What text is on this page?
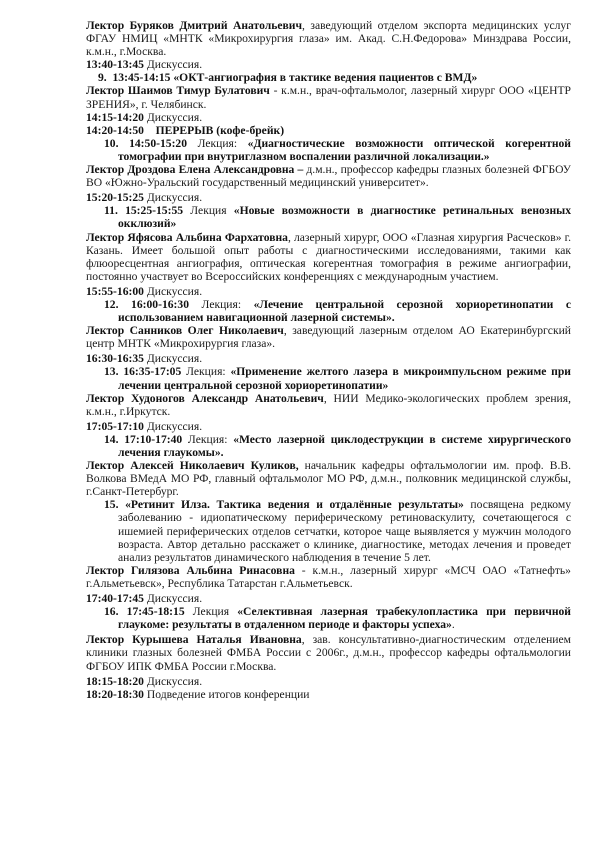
Лектор Буряков Дмитрий Анатольевич, заведующий отделом экспорта медицинских услуг ФГАУ НМИЦ «МНТК «Микрохирургия глаза» им. Акад. С.Н.Федорова» Минздрава России, к.м.н., г.Москва.

13:40-13:45 Дискуссия.

9. 13:45-14:15 «ОКТ-ангиография в тактике ведения пациентов с ВМД»

Лектор Шаимов Тимур Булатович - к.м.н., врач-офтальмолог, лазерный хирург ООО «ЦЕНТР ЗРЕНИЯ», г. Челябинск.

14:15-14:20 Дискуссия.

14:20-14:50 ПЕРЕРЫВ (кофе-брейк)

10. 14:50-15:20 Лекция: «Диагностические возможности оптической когерентной томографии при внутриглазном воспалении различной локализации.»

Лектор Дроздова Елена Александровна – д.м.н., профессор кафедры глазных болезней ФГБОУ ВО «Южно-Уральский государственный медицинский университет».

15:20-15:25 Дискуссия.

11. 15:25-15:55 Лекция «Новые возможности в диагностике ретинальных венозных окклюзий»

Лектор Яфясова Альбина Фархатовна, лазерный хирург, ООО «Глазная хирургия Расческов» г. Казань. Имеет большой опыт работы с диагностическими исследованиями, такими как флюоресцентная ангиография, оптическая когерентная томография в режиме ангиографии, постоянно участвует во Всероссийских конференциях с международным участием.

15:55-16:00 Дискуссия.

12. 16:00-16:30 Лекция: «Лечение центральной серозной хориоретинопатии с использованием навигационной лазерной системы».

Лектор Санников Олег Николаевич, заведующий лазерным отделом АО Екатеринбургский центр МНТК «Микрохирургия глаза».

16:30-16:35 Дискуссия.

13. 16:35-17:05 Лекция: «Применение желтого лазера в микроимпульсном режиме при лечении центральной серозной хориоретинопатии»

Лектор Худоногов Александр Анатольевич, НИИ Медико-экологических проблем зрения, к.м.н., г.Иркутск.

17:05-17:10 Дискуссия.

14. 17:10-17:40 Лекция: «Место лазерной циклодеструкции в системе хирургического лечения глаукомы».

Лектор Алексей Николаевич Куликов, начальник кафедры офтальмологии им. проф. В.В. Волкова ВМедА МО РФ, главный офтальмолог МО РФ, д.м.н., полковник медицинской службы, г.Санкт-Петербург.

15. «Ретинит Илза. Тактика ведения и отдалённые результаты» посвящена редкому заболеванию - идиопатическому периферическому ретиноваскулиту, сочетающегося с ишемией периферических отделов сетчатки, которое чаще выявляется у мужчин молодого возраста. Автор детально расскажет о клинике, диагностике, методах лечения и проведет анализ результатов динамического наблюдения в течение 5 лет.

Лектор Гилязова Альбина Ринасовна - к.м.н., лазерный хирург «МСЧ ОАО «Татнефть» г.Альметьевск», Республика Татарстан г.Альметьевск.

17:40-17:45 Дискуссия.

16. 17:45-18:15 Лекция «Селективная лазерная трабекулопластика при первичной глаукоме: результаты в отдаленном периоде и факторы успеха».

Лектор Курышева Наталья Ивановна, зав. консультативно-диагностическим отделением клиники глазных болезней ФМБА России с 2006г., д.м.н., профессор кафедры офтальмологии ФГБОУ ИПК ФМБА России г.Москва.

18:15-18:20 Дискуссия.

18:20-18:30 Подведение итогов конференции
